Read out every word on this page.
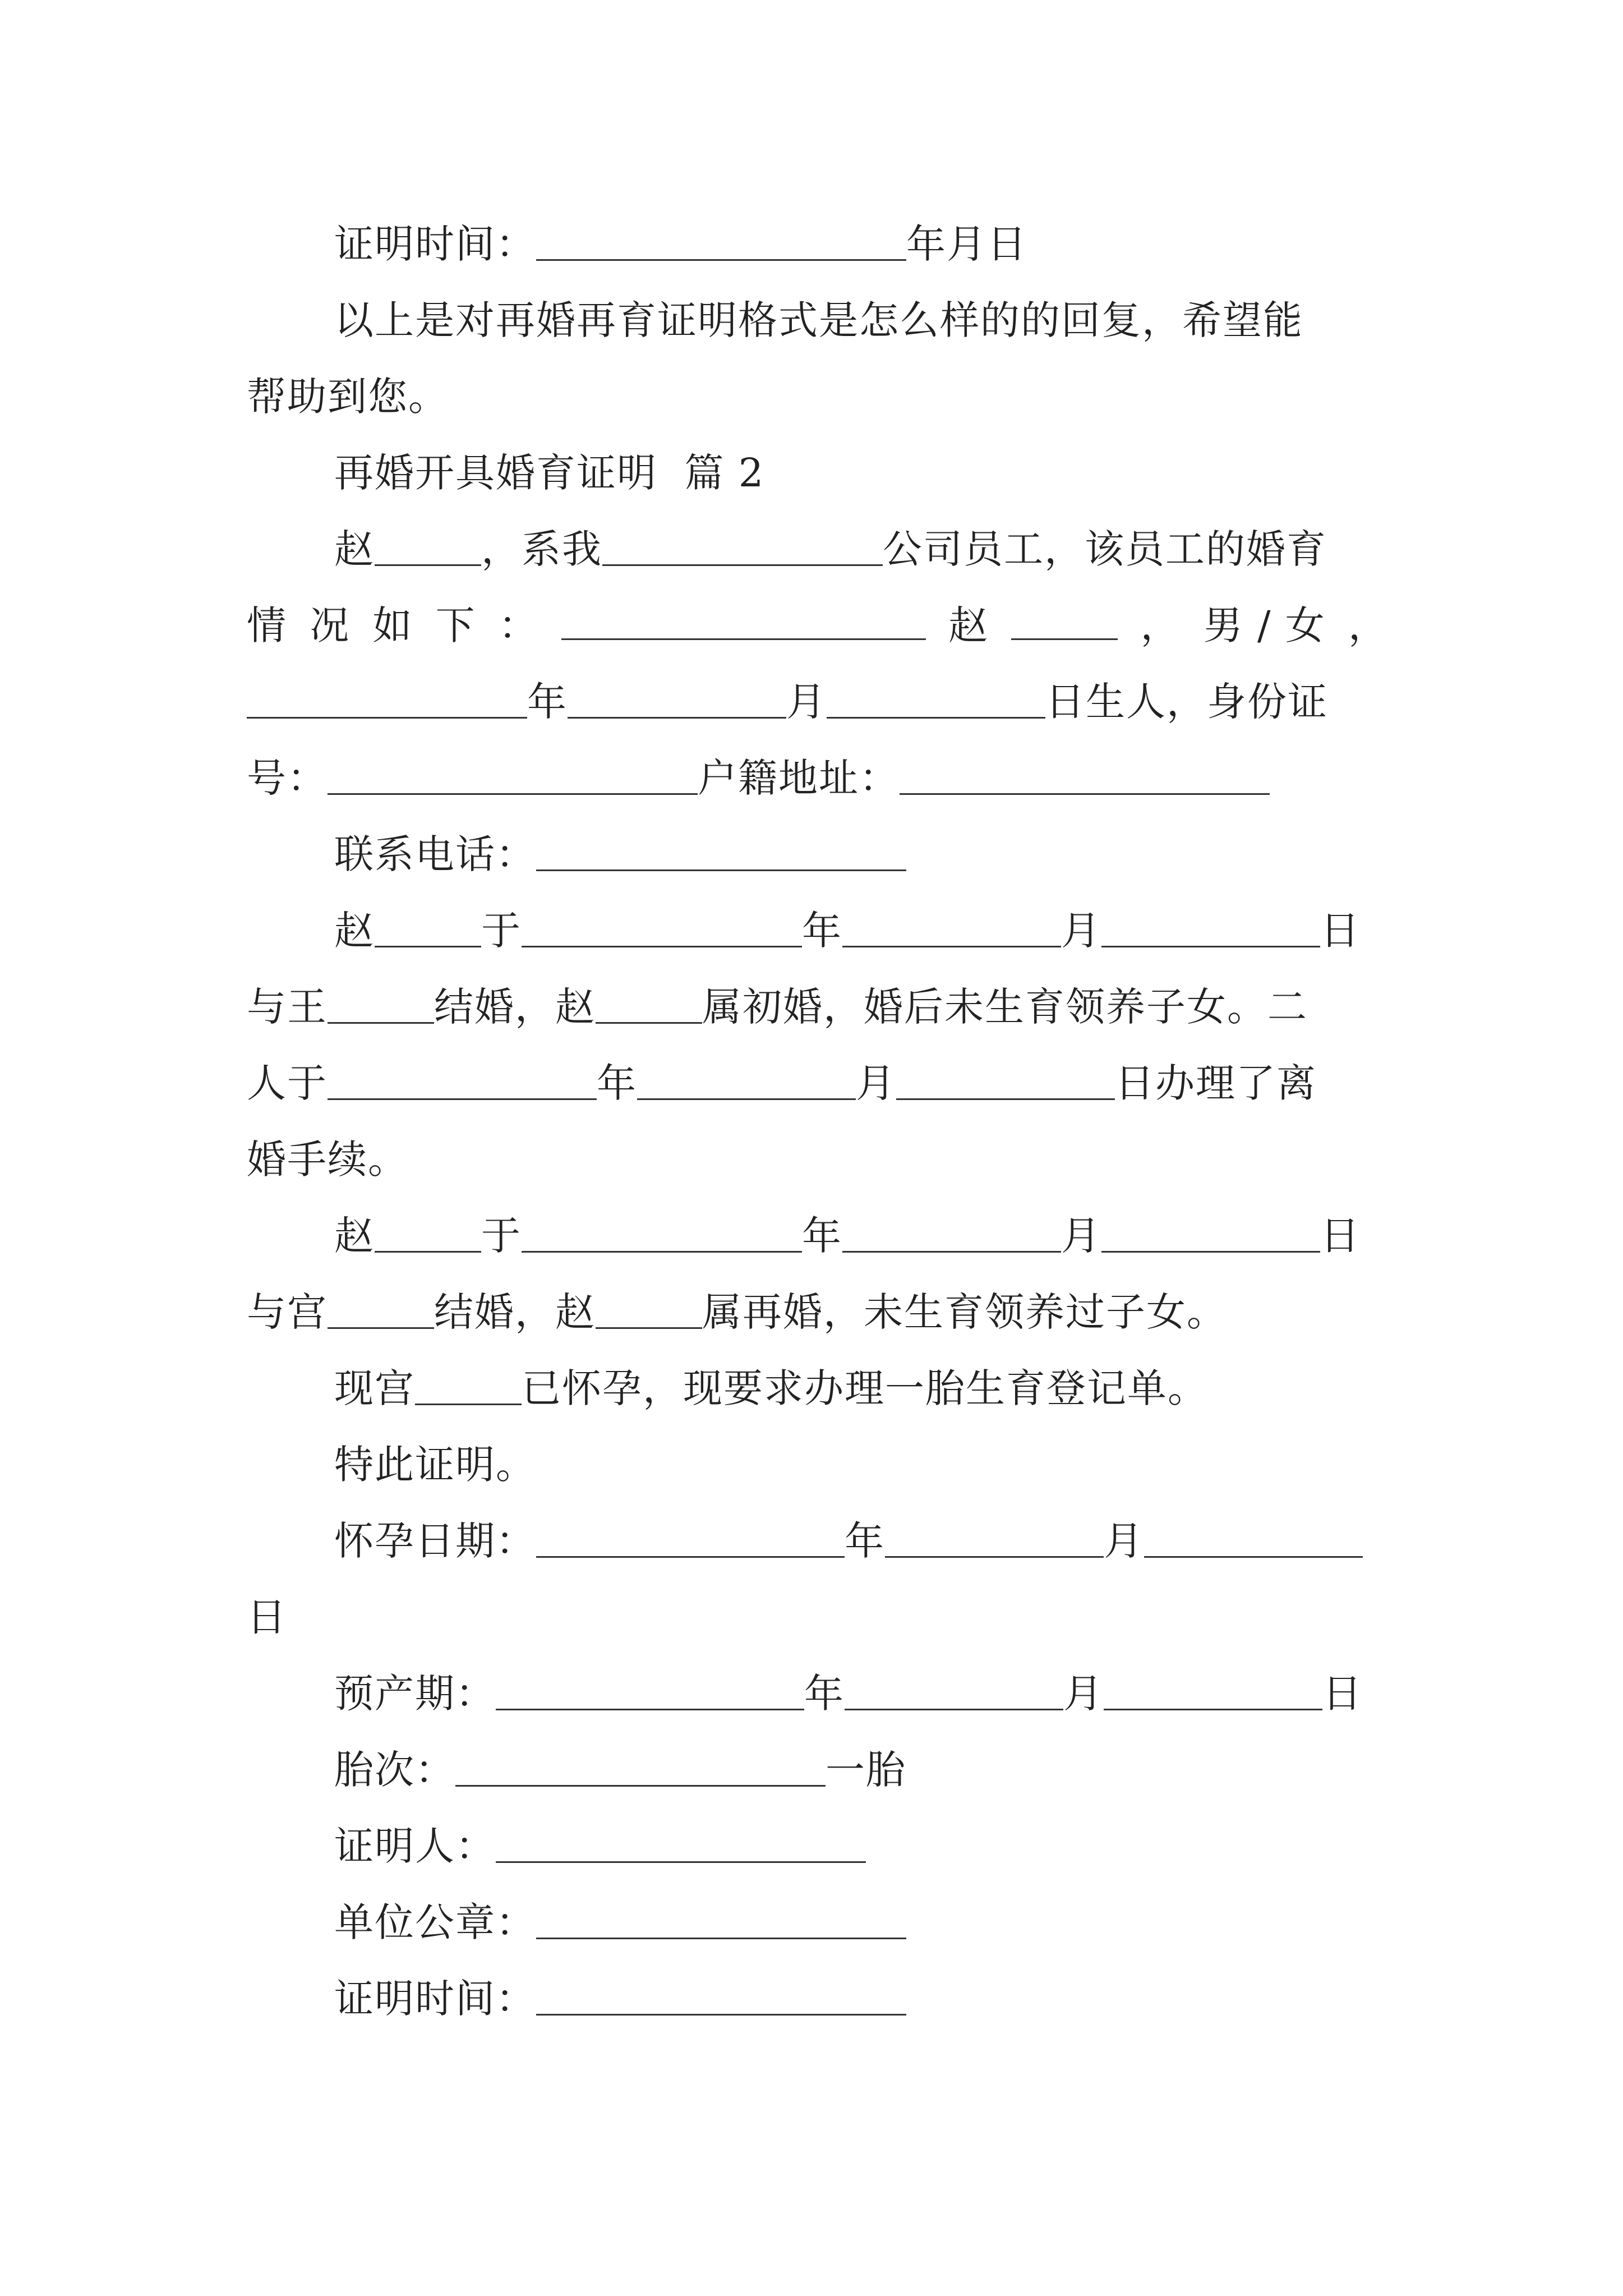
证明时间：	年月日
以上是对再婚再育证明格式是怎么样的的回复，希望能
帮助到您。
再婚开具婚育证明  篇 2
赵	，系我	公司员工，该员工的婚育
情 况 如 下 ：	赵	， 男 / 女 ，
年	月	日生人，身份证
号：	户籍地址：
联系电话：
赵	于	年	月	日
与王	结婚，赵	属初婚，婚后未生育领养子女。二
人于	年	月	日办理了离
婚手续。
赵	于	年	月	日
与宫	结婚，赵	属再婚，未生育领养过子女。
现宫	已怀孕，现要求办理一胎生育登记单。
特此证明。
怀孕日期：	年	月
日
预产期：	年	月	日
胎次：	一胎
证明人：
单位公章：
证明时间：
